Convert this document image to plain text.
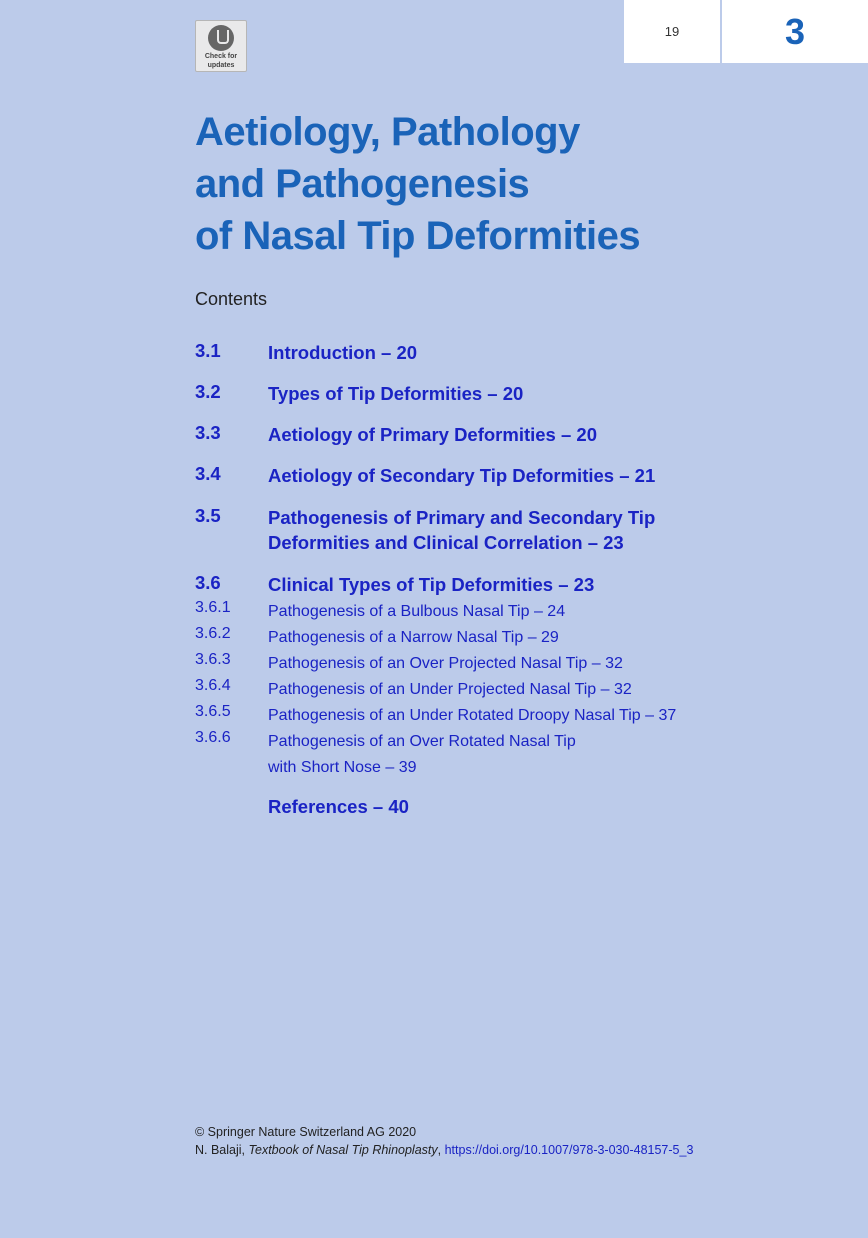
Check for
updates
19	3
Aetiology, Pathology
and Pathogenesis
of Nasal Tip Deformities
Contents
3.1	Introduction – 20
3.2	Types of Tip Deformities – 20
3.3	Aetiology of Primary Deformities – 20
3.4	Aetiology of Secondary Tip Deformities – 21
3.5	Pathogenesis of Primary and Secondary Tip
Deformities and Clinical Correlation – 23
3.6	Clinical Types of Tip Deformities – 23
3.6.1	Pathogenesis of a Bulbous Nasal Tip – 24
3.6.2	Pathogenesis of a Narrow Nasal Tip – 29
3.6.3	Pathogenesis of an Over Projected Nasal Tip – 32
3.6.4	Pathogenesis of an Under Projected Nasal Tip – 32
3.6.5	Pathogenesis of an Under Rotated Droopy Nasal Tip – 37
3.6.6	Pathogenesis of an Over Rotated Nasal Tip
with Short Nose – 39
References – 40
© Springer Nature Switzerland AG 2020
N. Balaji, Textbook of Nasal Tip Rhinoplasty, https://doi.org/10.1007/978-3-030-48157-5_3
